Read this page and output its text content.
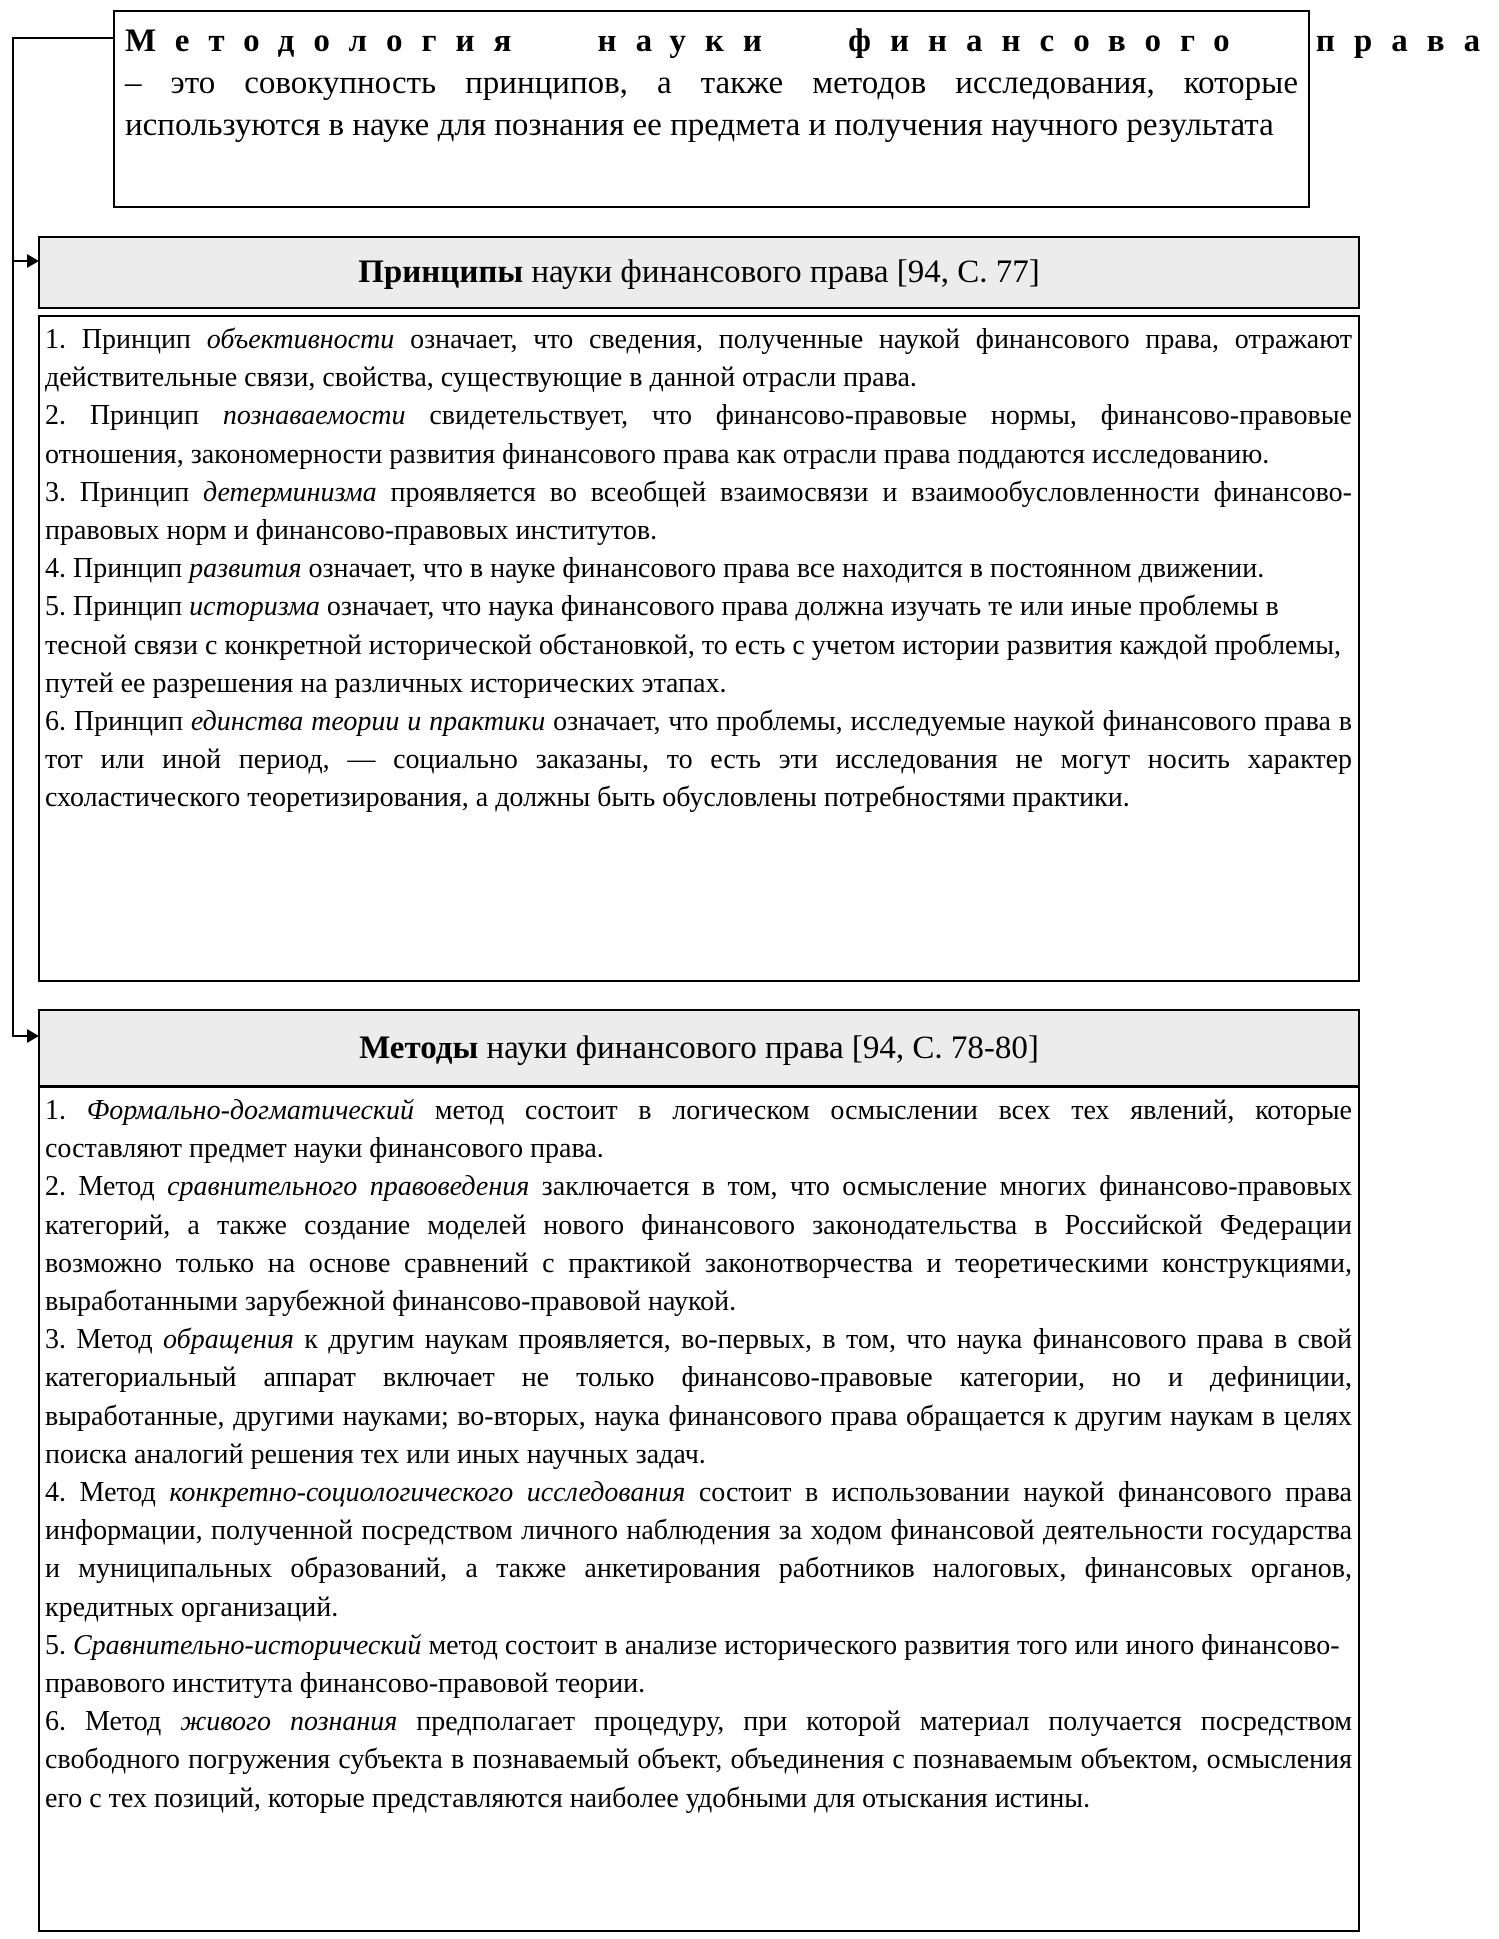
Методология науки финансового права
– это совокупность принципов, а также методов исследования, которые используются в науке для познания ее предмета и получения научного результата
Принципы науки финансового права [94, С. 77]
1. Принцип объективности означает, что сведения, полученные наукой финансового права, отражают действительные связи, свойства, существующие в данной отрасли права.
2. Принцип познаваемости свидетельствует, что финансово-правовые нормы, финансово-правовые отношения, закономерности развития финансового права как отрасли права поддаются исследованию.
3. Принцип детерминизма проявляется во всеобщей взаимосвязи и взаимообусловленности финансово-правовых норм и финансово-правовых институтов.
4. Принцип развития означает, что в науке финансового права все находится в постоянном движении.
5. Принцип историзма означает, что наука финансового права должна изучать те или иные проблемы в тесной связи с конкретной исторической обстановкой, то есть с учетом истории развития каждой проблемы, путей ее разрешения на различных исторических этапах.
6. Принцип единства теории и практики означает, что проблемы, исследуемые наукой финансового права в тот или иной период, — социально заказаны, то есть эти исследования не могут носить характер схоластического теоретизирования, а должны быть обусловлены потребностями практики.
Методы науки финансового права [94, С. 78-80]
1. Формально-догматический метод состоит в логическом осмыслении всех тех явлений, которые составляют предмет науки финансового права.
2. Метод сравнительного правоведения заключается в том, что осмысление многих финансово-правовых категорий, а также создание моделей нового финансового законодательства в Российской Федерации возможно только на основе сравнений с практикой законотворчества и теоретическими конструкциями, выработанными зарубежной финансово-правовой наукой.
3. Метод обращения к другим наукам проявляется, во-первых, в том, что наука финансового права в свой категориальный аппарат включает не только финансово-правовые категории, но и дефиниции, выработанные, другими науками; во-вторых, наука финансового права обращается к другим наукам в целях поиска аналогий решения тех или иных научных задач.
4. Метод конкретно-социологического исследования состоит в использовании наукой финансового права информации, полученной посредством личного наблюдения за ходом финансовой деятельности государства и муниципальных образований, а также анкетирования работников налоговых, финансовых органов, кредитных организаций.
5. Сравнительно-исторический метод состоит в анализе исторического развития того или иного финансово-правового института финансово-правовой теории.
6. Метод живого познания предполагает процедуру, при которой материал получается посредством свободного погружения субъекта в познаваемый объект, объединения с познаваемым объектом, осмысления его с тех позиций, которые представляются наиболее удобными для отыскания истины.
